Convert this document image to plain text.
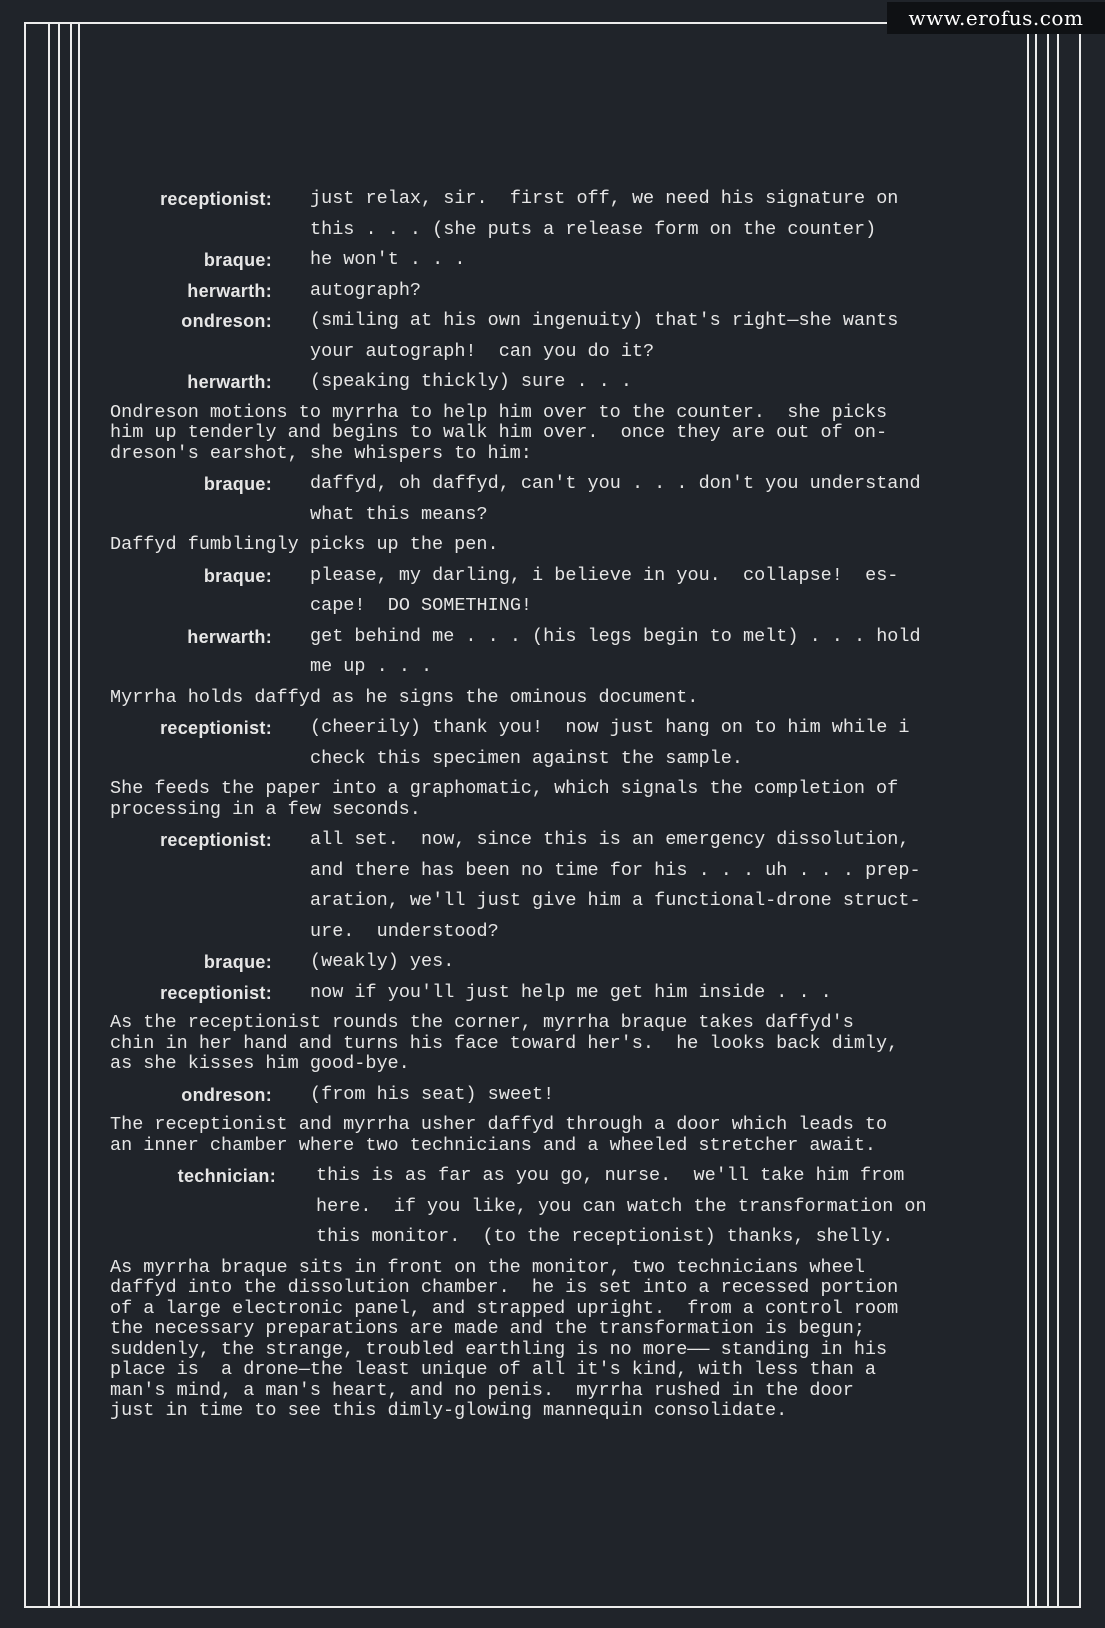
www.erofus.com
receptionist: just relax, sir.  first off, we need his signature on
this . . . (she puts a release form on the counter)
braque: he won't . . .
herwarth: autograph?
ondreson: (smiling at his own ingenuity) that's right—she wants
your autograph!  can you do it?
herwarth: (speaking thickly) sure . . .
Ondreson motions to myrrha to help him over to the counter.  she picks
him up tenderly and begins to walk him over.  once they are out of on-
dreson's earshot, she whispers to him:
braque: daffyd, oh daffyd, can't you . . . don't you understand
what this means?
Daffyd fumblingly picks up the pen.
braque: please, my darling, i believe in you.  collapse!  es-
cape!  DO SOMETHING!
herwarth: get behind me . . . (his legs begin to melt) . . . hold
me up . . .
Myrrha holds daffyd as he signs the ominous document.
receptionist: (cheerily) thank you!  now just hang on to him while i
check this specimen against the sample.
She feeds the paper into a graphomatic, which signals the completion of
processing in a few seconds.
receptionist: all set.  now, since this is an emergency dissolution,
and there has been no time for his . . . uh . . . prep-
aration, we'll just give him a functional-drone struct-
ure.  understood?
braque: (weakly) yes.
receptionist: now if you'll just help me get him inside . . .
As the receptionist rounds the corner, myrrha braque takes daffyd's
chin in her hand and turns his face toward her's.  he looks back dimly,
as she kisses him good-bye.
ondreson: (from his seat) sweet!
The receptionist and myrrha usher daffyd through a door which leads to
an inner chamber where two technicians and a wheeled stretcher await.
technician: this is as far as you go, nurse.  we'll take him from
here.  if you like, you can watch the transformation on
this monitor.  (to the receptionist) thanks, shelly.
As myrrha braque sits in front on the monitor, two technicians wheel
daffyd into the dissolution chamber.  he is set into a recessed portion
of a large electronic panel, and strapped upright.  from a control room
the necessary preparations are made and the transformation is begun;
suddenly, the strange, troubled earthling is no more—— standing in his
place is  a drone—the least unique of all it's kind, with less than a
man's mind, a man's heart, and no penis.  myrrha rushed in the door
just in time to see this dimly-glowing mannequin consolidate.
